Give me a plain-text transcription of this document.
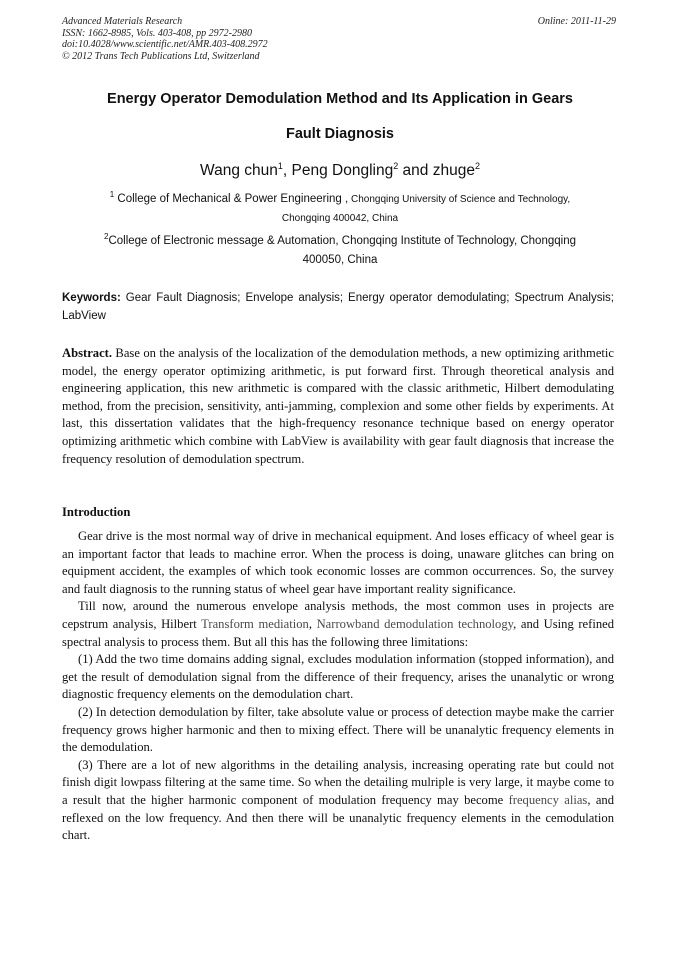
Advanced Materials Research
ISSN: 1662-8985, Vols. 403-408, pp 2972-2980
doi:10.4028/www.scientific.net/AMR.403-408.2972
© 2012 Trans Tech Publications Ltd, Switzerland
Online: 2011-11-29
Energy Operator Demodulation Method and Its Application in Gears
Fault Diagnosis
Wang chun$^1$, Peng Dongling$^2$ and zhuge$^2$
$^1$ College of Mechanical & Power Engineering , Chongqing University of Science and Technology,
Chongqing 400042, China
$^2$College of Electronic message & Automation, Chongqing Institute of Technology, Chongqing
400050, China
Keywords: Gear Fault Diagnosis; Envelope analysis; Energy operator demodulating; Spectrum Analysis; LabView
Abstract. Base on the analysis of the localization of the demodulation methods, a new optimizing arithmetic model, the energy operator optimizing arithmetic, is put forward first. Through theoretical analysis and engineering application, this new arithmetic is compared with the classic arithmetic, Hilbert demodulating method, from the precision, sensitivity, anti-jamming, complexion and some other fields by experiments. At last, this dissertation validates that the high-frequency resonance technique based on energy operator optimizing arithmetic which combine with LabView is availability with gear fault diagnosis that increase the frequency resolution of demodulation spectrum.
Introduction

Gear drive is the most normal way of drive in mechanical equipment. And loses efficacy of wheel gear is an important factor that leads to machine error. When the process is doing, unaware glitches can bring on equipment accident, the examples of which took economic losses are common occurrences. So, the survey and fault diagnosis to the running status of wheel gear have important reality significance.

Till now, around the numerous envelope analysis methods, the most common uses in projects are cepstrum analysis, Hilbert Transform mediation, Narrowband demodulation technology, and Using refined spectral analysis to process them. But all this has the following three limitations:

(1) Add the two time domains adding signal, excludes modulation information (stopped information), and get the result of demodulation signal from the difference of their frequency, arises the unanalytic or wrong diagnostic frequency elements on the demodulation chart.

(2) In detection demodulation by filter, take absolute value or process of detection maybe make the carrier frequency grows higher harmonic and then to mixing effect. There will be unanalytic frequency elements in the demodulation.

(3) There are a lot of new algorithms in the detailing analysis, increasing operating rate but could not finish digit lowpass filtering at the same time. So when the detailing mulriple is very large, it maybe come to a result that the higher harmonic component of modulation frequency may become frequency alias, and reflexed on the low frequency. And then there will be unanalytic frequency elements in the cemodulation chart.
